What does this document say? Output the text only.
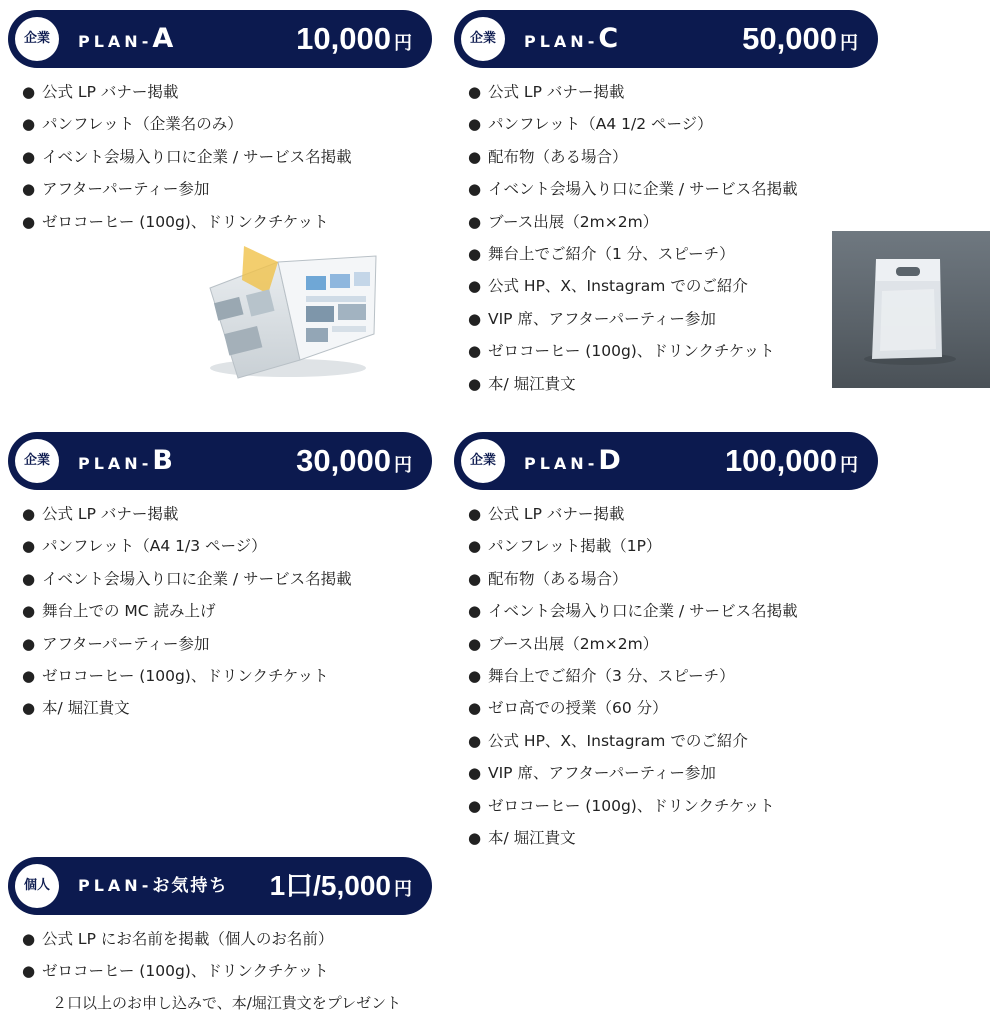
企業	PLAN-A	10,000 円
● 公式 LP バナー掲載
● パンフレット（企業名のみ）
● イベント会場入り口に企業 / サービス名掲載
● アフターパーティー参加
● ゼロコーヒー (100g)、ドリンクチケット
企業	PLAN-C	50,000 円
● 公式 LP バナー掲載
● パンフレット（A4 1/2 ページ）
● 配布物（ある場合）
● イベント会場入り口に企業 / サービス名掲載
● ブース出展（2m×2m）
● 舞台上でご紹介（1 分、スピーチ）
● 公式 HP、X、Instagram でのご紹介
● VIP 席、アフターパーティー参加
● ゼロコーヒー (100g)、ドリンクチケット
● 本/ 堀江貴文
企業	PLAN-B	30,000 円
● 公式 LP バナー掲載
● パンフレット（A4 1/3 ページ）
● イベント会場入り口に企業 / サービス名掲載
● 舞台上での MC 読み上げ
● アフターパーティー参加
● ゼロコーヒー (100g)、ドリンクチケット
● 本/ 堀江貴文
企業	PLAN-D	100,000 円
● 公式 LP バナー掲載
● パンフレット掲載（1P）
● 配布物（ある場合）
● イベント会場入り口に企業 / サービス名掲載
● ブース出展（2m×2m）
● 舞台上でご紹介（3 分、スピーチ）
● ゼロ高での授業（60 分）
● 公式 HP、X、Instagram でのご紹介
● VIP 席、アフターパーティー参加
● ゼロコーヒー (100g)、ドリンクチケット
● 本/ 堀江貴文
個人	PLAN-お気持ち 1口/5,000 円
● 公式 LP にお名前を掲載（個人のお名前）
● ゼロコーヒー (100g)、ドリンクチケット
２口以上のお申し込みで、本/堀江貴文をプレゼント
